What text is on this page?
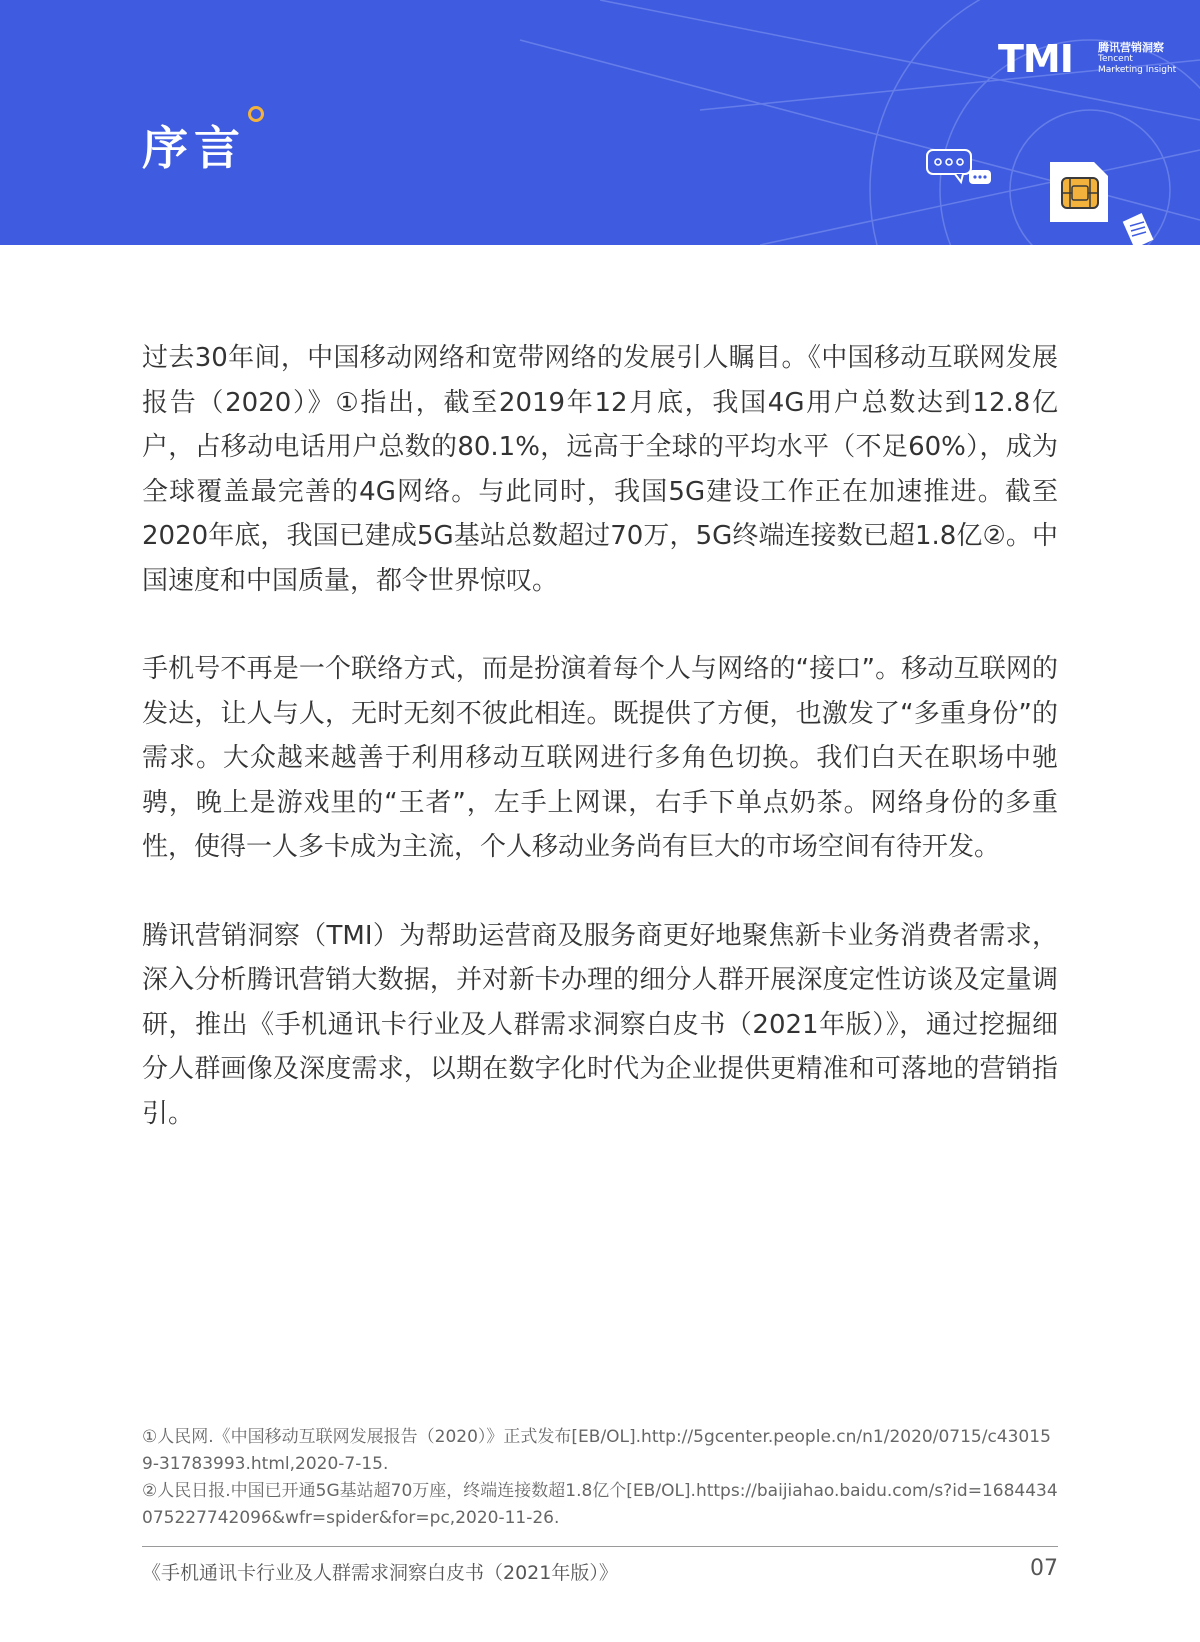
序言
TMI 腾讯营销洞察
Tencent
Marketing Insight

过去30年间，中国移动网络和宽带网络的发展引人瞩目。《中国移动互联网发展报告（2020）》①指出，截至2019年12月底，我国4G用户总数达到12.8亿户，占移动电话用户总数的80.1%，远高于全球的平均水平（不足60%），成为全球覆盖最完善的4G网络。与此同时，我国5G建设工作正在加速推进。截至2020年底，我国已建成5G基站总数超过70万，5G终端连接数已超1.8亿②。中国速度和中国质量，都令世界惊叹。

手机号不再是一个联络方式，而是扮演着每个人与网络的“接口”。移动互联网的发达，让人与人，无时无刻不彼此相连。既提供了方便，也激发了“多重身份”的需求。大众越来越善于利用移动互联网进行多角色切换。我们白天在职场中驰骋，晚上是游戏里的“王者”，左手上网课，右手下单点奶茶。网络身份的多重性，使得一人多卡成为主流，个人移动业务尚有巨大的市场空间有待开发。

腾讯营销洞察（TMI）为帮助运营商及服务商更好地聚焦新卡业务消费者需求，深入分析腾讯营销大数据，并对新卡办理的细分人群开展深度定性访谈及定量调研，推出《手机通讯卡行业及人群需求洞察白皮书（2021年版）》，通过挖掘细分人群画像及深度需求，以期在数字化时代为企业提供更精准和可落地的营销指引。

①人民网.《中国移动互联网发展报告（2020）》正式发布[EB/OL].http://5gcenter.people.cn/n1/2020/0715/c430159-31783993.html,2020-7-15.

②人民日报.中国已开通5G基站超70万座，终端连接数超1.8亿个[EB/OL].https://baijiahao.baidu.com/s?id=1684434075227742096&wfr=spider&for=pc,2020-11-26.

《手机通讯卡行业及人群需求洞察白皮书（2021年版）》	07
